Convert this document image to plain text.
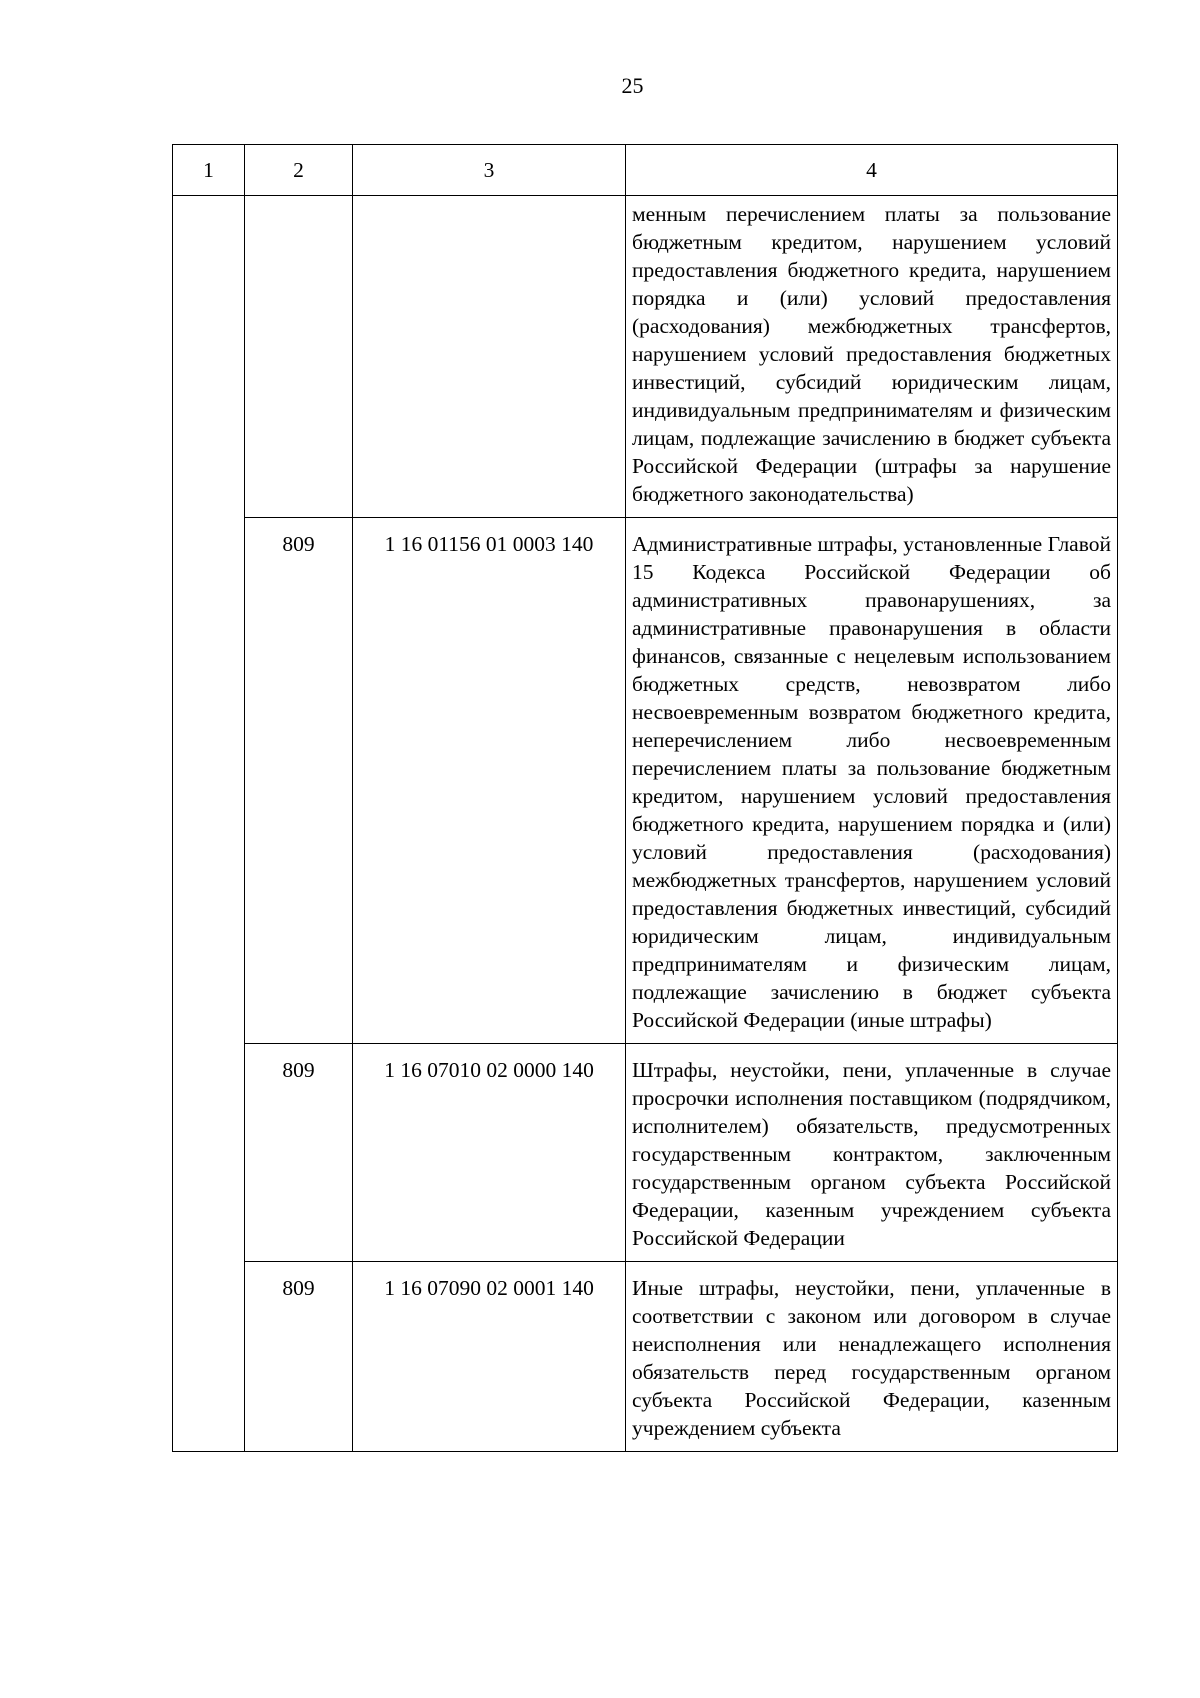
25
1	2	3	4
			менным перечислением платы за пользование бюджетным кредитом, нарушением условий предоставления бюджетного кредита, нарушением порядка и (или) условий предоставления (расходования) межбюджетных трансфертов, нарушением условий предоставления бюджетных инвестиций, субсидий юридическим лицам, индивидуальным предпринимателям и физическим лицам, подлежащие зачислению в бюджет субъекта Российской Федерации (штрафы за нарушение бюджетного законодательства)
	809	1 16 01156 01 0003 140	Административные штрафы, установленные Главой 15 Кодекса Российской Федерации об административных правонарушениях, за административные правонарушения в области финансов, связанные с нецелевым использованием бюджетных средств, невозвратом либо несвоевременным возвратом бюджетного кредита, неперечислением либо несвоевременным перечислением платы за пользование бюджетным кредитом, нарушением условий предоставления бюджетного кредита, нарушением порядка и (или) условий предоставления (расходования) межбюджетных трансфертов, нарушением условий предоставления бюджетных инвестиций, субсидий юридическим лицам, индивидуальным предпринимателям и физическим лицам, подлежащие зачислению в бюджет субъекта Российской Федерации (иные штрафы)
	809	1 16 07010 02 0000 140	Штрафы, неустойки, пени, уплаченные в случае просрочки исполнения поставщиком (подрядчиком, исполнителем) обязательств, предусмотренных государственным контрактом, заключенным государственным органом субъекта Российской Федерации, казенным учреждением субъекта Российской Федерации
	809	1 16 07090 02 0001 140	Иные штрафы, неустойки, пени, уплаченные в соответствии с законом или договором в случае неисполнения или ненадлежащего исполнения обязательств перед государственным органом субъекта Российской Федерации, казенным учреждением субъекта
